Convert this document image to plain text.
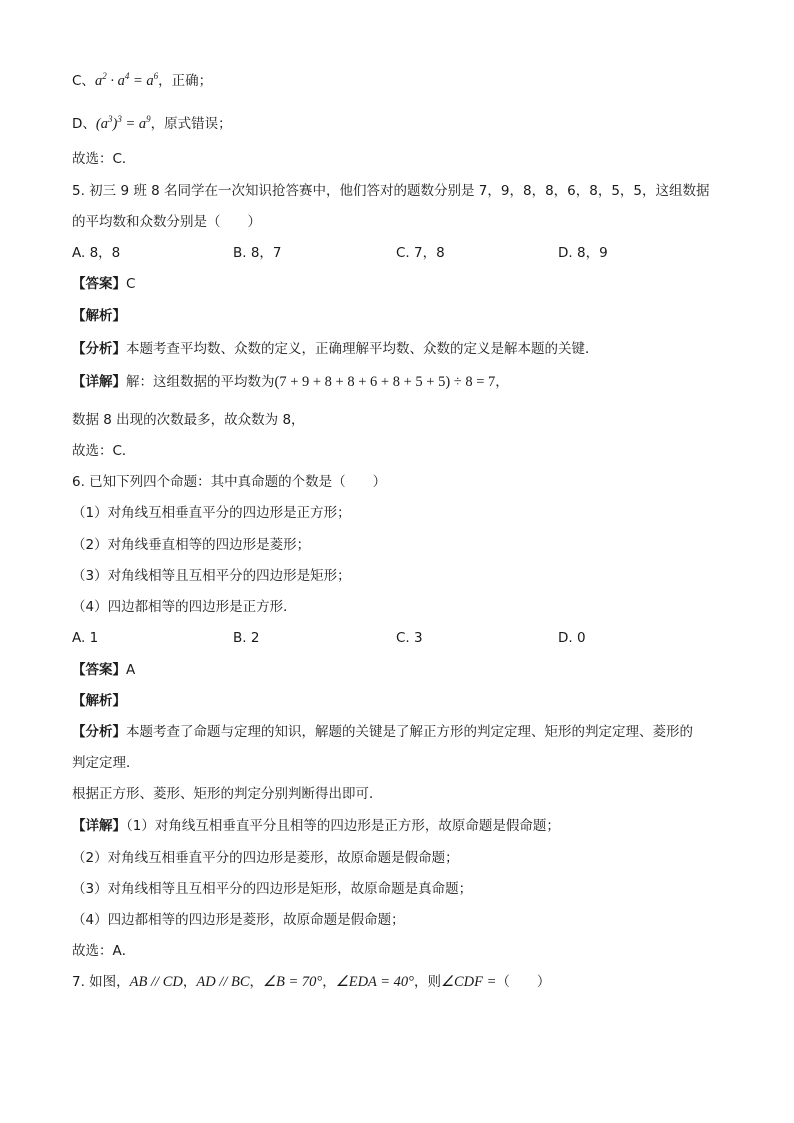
C、$a^2 \cdot a^4 = a^6$，正确；
D、$(a^3)^3 = a^9$，原式错误；
故选：C．
5. 初三 9 班 8 名同学在一次知识抢答赛中，他们答对的题数分别是 7，9，8，8，6，8，5，5，这组数据
的平均数和众数分别是（　　）
A. 8，8	B. 8，7	C. 7，8	D. 8，9
【答案】C
【解析】
【分析】本题考查平均数、众数的定义，正确理解平均数、众数的定义是解本题的关键．
【详解】解：这组数据的平均数为(7 + 9 + 8 + 8 + 6 + 8 + 5 + 5) ÷ 8 = 7，
数据 8 出现的次数最多，故众数为 8，
故选：C．
6. 已知下列四个命题：其中真命题的个数是（　　）
（1）对角线互相垂直平分的四边形是正方形；
（2）对角线垂直相等的四边形是菱形；
（3）对角线相等且互相平分的四边形是矩形；
（4）四边都相等的四边形是正方形．
A. 1	B. 2	C. 3	D. 0
【答案】A
【解析】
【分析】本题考查了命题与定理的知识，解题的关键是了解正方形的判定定理、矩形的判定定理、菱形的
判定定理．
根据正方形、菱形、矩形的判定分别判断得出即可．
【详解】（1）对角线互相垂直平分且相等的四边形是正方形，故原命题是假命题；
（2）对角线互相垂直平分的四边形是菱形，故原命题是假命题；
（3）对角线相等且互相平分的四边形是矩形，故原命题是真命题；
（4）四边都相等的四边形是菱形，故原命题是假命题；
故选：A．
7. 如图，AB // CD，AD // BC，∠B = 70°，∠EDA = 40°，则∠CDF =（　　）
